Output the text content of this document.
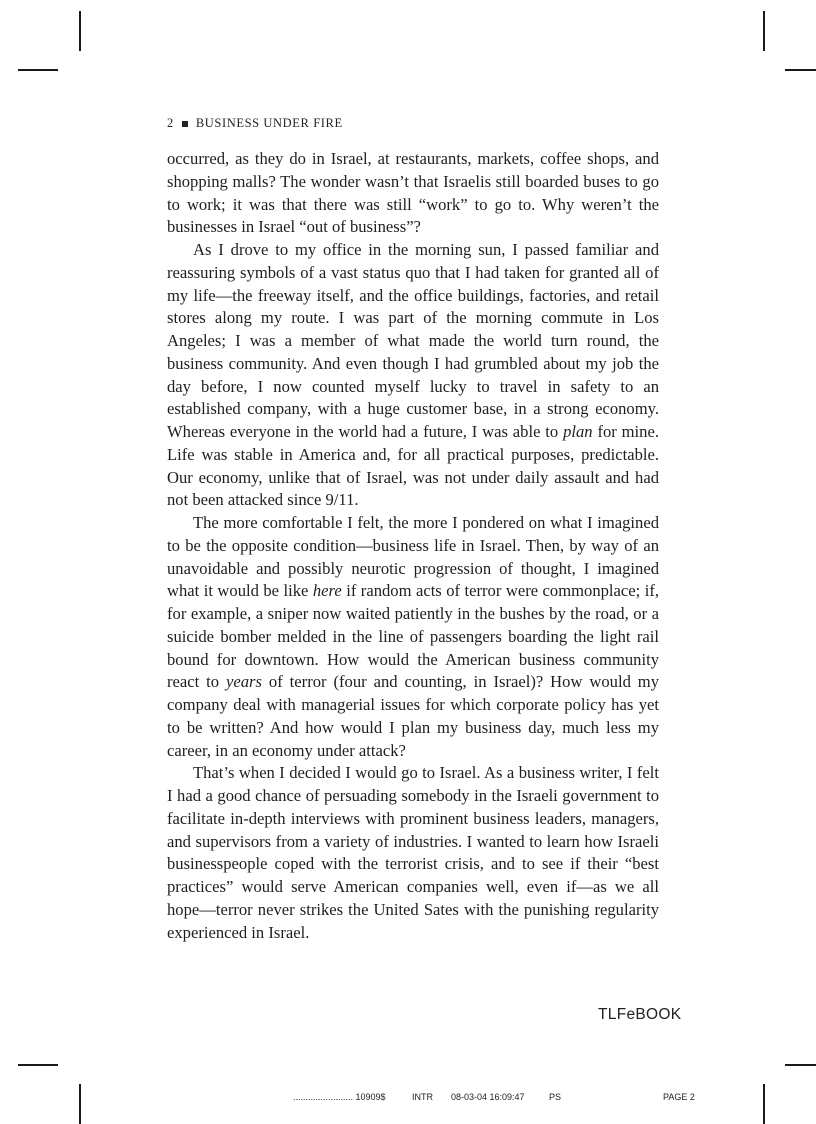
2 BUSINESS UNDER FIRE

occurred, as they do in Israel, at restaurants, markets, coffee shops, and shopping malls? The wonder wasn’t that Israelis still boarded buses to go to work; it was that there was still “work” to go to. Why weren’t the businesses in Israel “out of business”?

As I drove to my office in the morning sun, I passed familiar and reassuring symbols of a vast status quo that I had taken for granted all of my life—the freeway itself, and the office buildings, factories, and retail stores along my route. I was part of the morning commute in Los Angeles; I was a member of what made the world turn round, the business community. And even though I had grumbled about my job the day before, I now counted myself lucky to travel in safety to an established company, with a huge customer base, in a strong economy. Whereas everyone in the world had a future, I was able to plan for mine. Life was stable in America and, for all practical purposes, predictable. Our economy, unlike that of Israel, was not under daily assault and had not been attacked since 9/11.

The more comfortable I felt, the more I pondered on what I imagined to be the opposite condition—business life in Israel. Then, by way of an unavoidable and possibly neurotic progression of thought, I imagined what it would be like here if random acts of terror were commonplace; if, for example, a sniper now waited patiently in the bushes by the road, or a suicide bomber melded in the line of passengers boarding the light rail bound for downtown. How would the American business community react to years of terror (four and counting, in Israel)? How would my company deal with managerial issues for which corporate policy has yet to be written? And how would I plan my business day, much less my career, in an economy under attack?

That’s when I decided I would go to Israel. As a business writer, I felt I had a good chance of persuading somebody in the Israeli government to facilitate in-depth interviews with prominent business leaders, managers, and supervisors from a variety of industries. I wanted to learn how Israeli businesspeople coped with the terrorist crisis, and to see if their “best practices” would serve American companies well, even if—as we all hope—terror never strikes the United Sates with the punishing regularity experienced in Israel.

TLFeBOOK
........................ 10909$	INTR 08-03-04 16:09:47	PS	PAGE 2
